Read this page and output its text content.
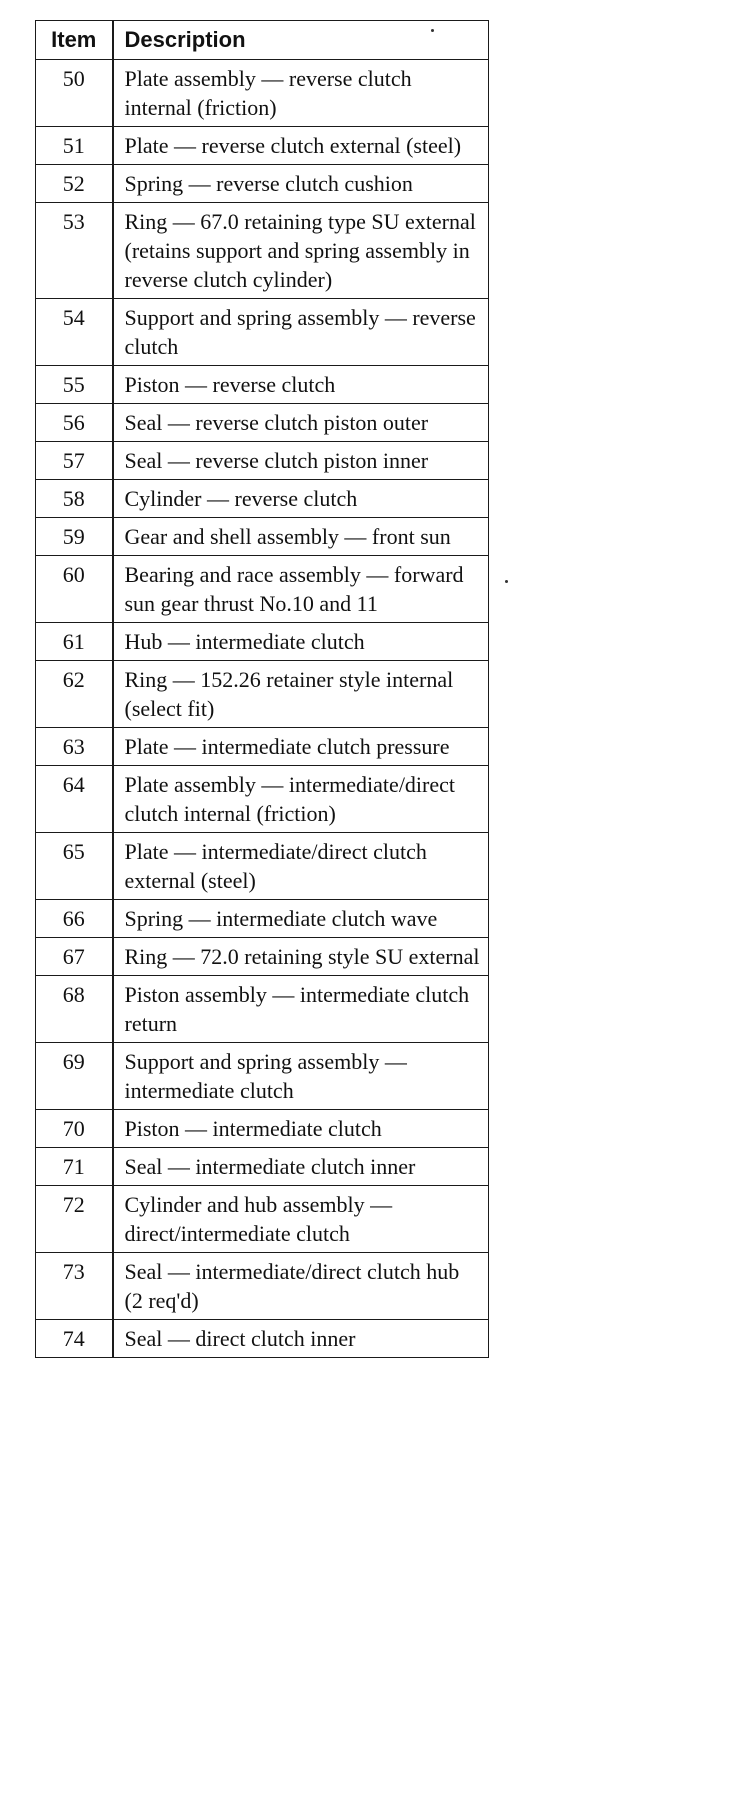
Item	Description
50	Plate assembly — reverse clutch internal (friction)
51	Plate — reverse clutch external (steel)
52	Spring — reverse clutch cushion
53	Ring — 67.0 retaining type SU external (retains support and spring assembly in reverse clutch cylinder)
54	Support and spring assembly — reverse clutch
55	Piston — reverse clutch
56	Seal — reverse clutch piston outer
57	Seal — reverse clutch piston inner
58	Cylinder — reverse clutch
59	Gear and shell assembly — front sun
60	Bearing and race assembly — forward sun gear thrust No.10 and 11
61	Hub — intermediate clutch
62	Ring — 152.26 retainer style internal (select fit)
63	Plate — intermediate clutch pressure
64	Plate assembly — intermediate/direct clutch internal (friction)
65	Plate — intermediate/direct clutch external (steel)
66	Spring — intermediate clutch wave
67	Ring — 72.0 retaining style SU external
68	Piston assembly — intermediate clutch return
69	Support and spring assembly — intermediate clutch
70	Piston — intermediate clutch
71	Seal — intermediate clutch inner
72	Cylinder and hub assembly — direct/intermediate clutch
73	Seal — intermediate/direct clutch hub (2 req'd)
74	Seal — direct clutch inner
